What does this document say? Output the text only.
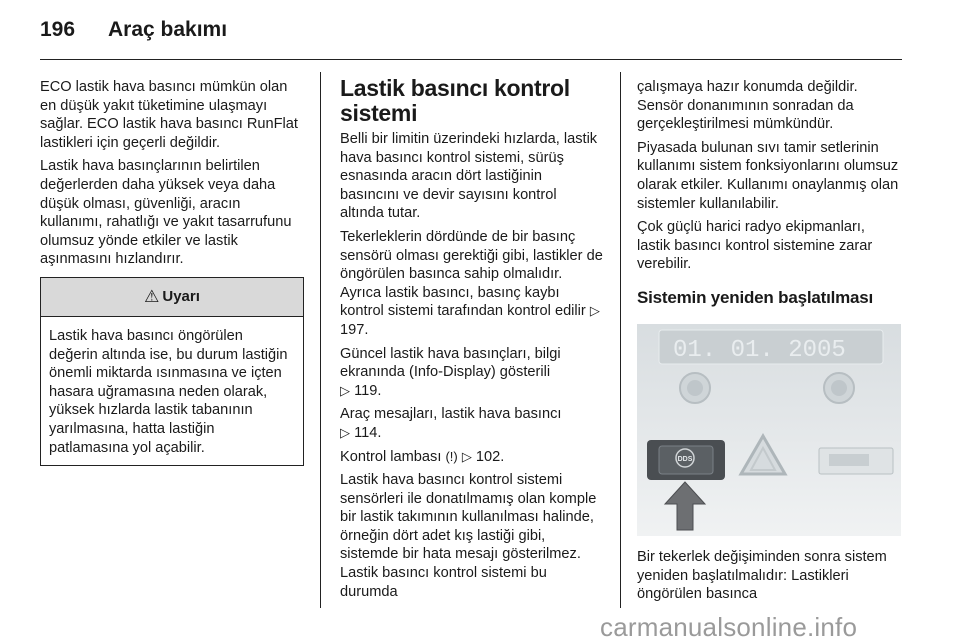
196 Araç bakımı

ECO lastik hava basıncı mümkün olan en düşük yakıt tüketimine ulaşmayı sağlar. ECO lastik hava basıncı RunFlat lastikleri için geçerli değildir.

Lastik hava basınçlarının belirtilen değerlerden daha yüksek veya daha düşük olması, güvenliği, aracın kullanımı, rahatlığı ve yakıt tasarrufunu olumsuz yönde etkiler ve lastik aşınmasını hızlandırır.

⚠ Uyarı
Lastik hava basıncı öngörülen değerin altında ise, bu durum lastiğin önemli miktarda ısınmasına ve içten hasara uğramasına neden olarak, yüksek hızlarda lastik tabanının yarılmasına, hatta lastiğin patlamasına yol açabilir.
Lastik basıncı kontrol sistemi

Belli bir limitin üzerindeki hızlarda, lastik hava basıncı kontrol sistemi, sürüş esnasında aracın dört lastiğinin basıncını ve devir sayısını kontrol altında tutar.

Tekerleklerin dördünde de bir basınç sensörü olması gerektiği gibi, lastikler de öngörülen basınca sahip olmalıdır. Ayrıca lastik basıncı, basınç kaybı kontrol sistemi tarafından kontrol edilir ▷ 197.

Güncel lastik hava basınçları, bilgi ekranında (Info-Display) gösterili
▷ 119.

Araç mesajları, lastik hava basıncı
▷ 114.

Kontrol lambası (!) ▷ 102.

Lastik hava basıncı kontrol sistemi sensörleri ile donatılmamış olan komple bir lastik takımının kullanılması halinde, örneğin dört adet kış lastiği gibi, sistemde bir hata mesajı gösterilmez. Lastik basıncı kontrol sistemi bu durumda

çalışmaya hazır konumda değildir. Sensör donanımının sonradan da gerçekleştirilmesi mümkündür.

Piyasada bulunan sıvı tamir setlerinin kullanımı sistem fonksiyonlarını olumsuz olarak etkiler. Kullanımı onaylanmış olan sistemler kullanılabilir.

Çok güçlü harici radyo ekipmanları, lastik basıncı kontrol sistemine zarar verebilir.

Sistemin yeniden başlatılması
01. 01. 2005
DDS

Bir tekerlek değişiminden sonra sistem yeniden başlatılmalıdır: Lastikleri öngörülen basınca

carmanualsonline.info
